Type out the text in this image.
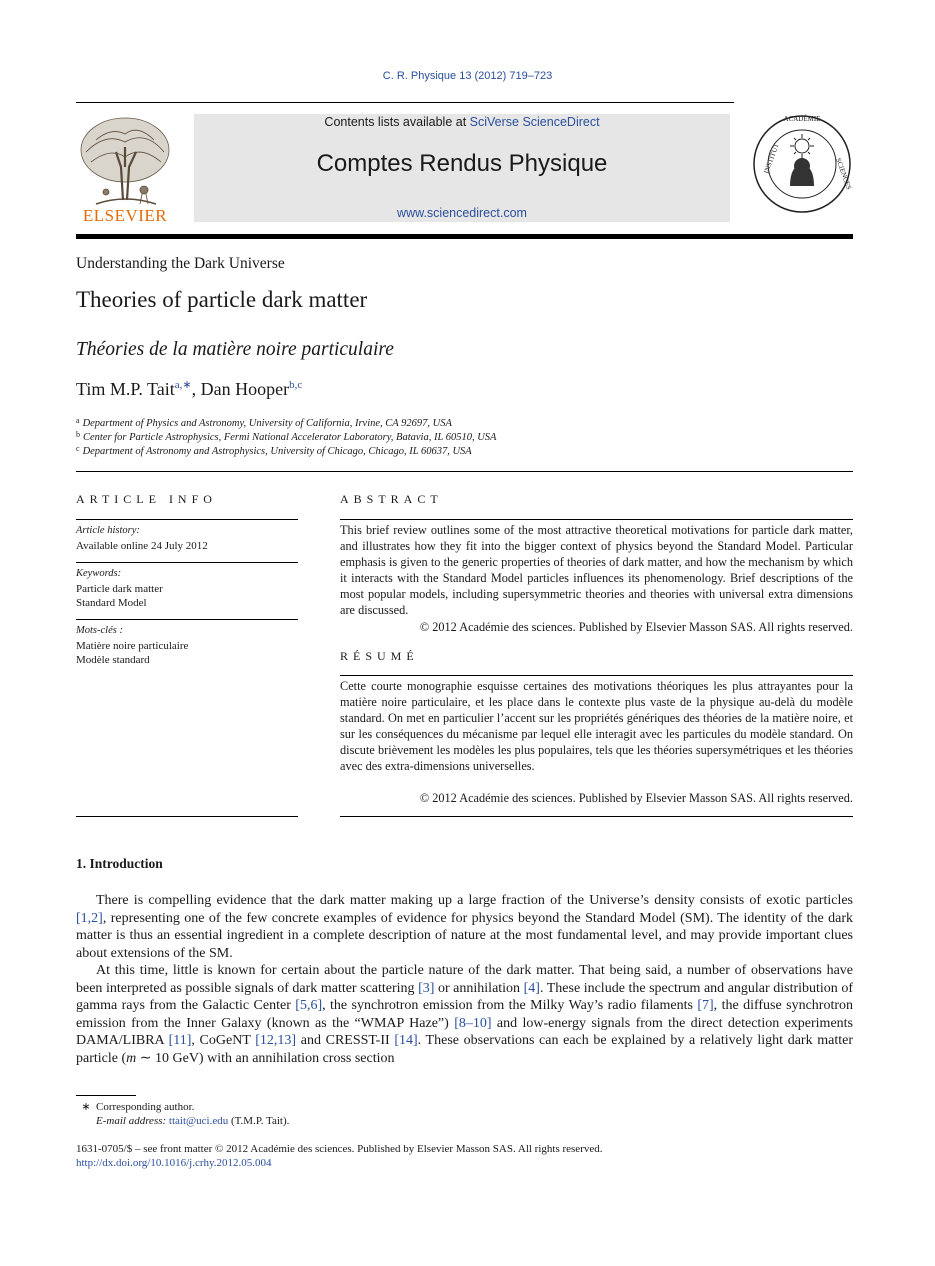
C. R. Physique 13 (2012) 719–723
ELSEVIER
Contents lists available at SciVerse ScienceDirect
Comptes Rendus Physique
www.sciencedirect.com
ACADÉMIE
INSTITUT	SCIENCES
Understanding the Dark Universe
Theories of particle dark matter
Théories de la matière noire particulaire
Tim M.P. Tait$^{a,∗}$, Dan Hooper$^{b,c}$
$^a$ Department of Physics and Astronomy, University of California, Irvine, CA 92697, USA
$^b$ Center for Particle Astrophysics, Fermi National Accelerator Laboratory, Batavia, IL 60510, USA
$^c$ Department of Astronomy and Astrophysics, University of Chicago, Chicago, IL 60637, USA
ARTICLE INFO
Article history:
Available online 24 July 2012
Keywords:
Particle dark matter
Standard Model
Mots-clés :
Matière noire particulaire
Modèle standard
ABSTRACT
This brief review outlines some of the most attractive theoretical motivations for particle dark matter, and illustrates how they fit into the bigger context of physics beyond the Standard Model. Particular emphasis is given to the generic properties of theories of dark matter, and how the mechanism by which it interacts with the Standard Model particles influences its phenomenology. Brief descriptions of the most popular models, including supersymmetric theories and theories with universal extra dimensions are discussed.
© 2012 Académie des sciences. Published by Elsevier Masson SAS. All rights reserved.
RÉSUMÉ
Cette courte monographie esquisse certaines des motivations théoriques les plus attrayantes pour la matière noire particulaire, et les place dans le contexte plus vaste de la physique au-delà du modèle standard. On met en particulier l’accent sur les propriétés génériques des théories de la matière noire, et sur les conséquences du mécanisme par lequel elle interagit avec les particules du modèle standard. On discute brièvement les modèles les plus populaires, tels que les théories supersymétriques et les théories avec des extra-dimensions universelles.
© 2012 Académie des sciences. Published by Elsevier Masson SAS. All rights reserved.
1. Introduction
There is compelling evidence that the dark matter making up a large fraction of the Universe’s density consists of exotic particles [1,2], representing one of the few concrete examples of evidence for physics beyond the Standard Model (SM). The identity of the dark matter is thus an essential ingredient in a complete description of nature at the most fundamental level, and may provide important clues about extensions of the SM.
At this time, little is known for certain about the particle nature of the dark matter. That being said, a number of observations have been interpreted as possible signals of dark matter scattering [3] or annihilation [4]. These include the spectrum and angular distribution of gamma rays from the Galactic Center [5,6], the synchrotron emission from the Milky Way’s radio filaments [7], the diffuse synchrotron emission from the Inner Galaxy (known as the “WMAP Haze”) [8–10] and low-energy signals from the direct detection experiments DAMA/LIBRA [11], CoGeNT [12,13] and CRESST-II [14]. These observations can each be explained by a relatively light dark matter particle (m ∼ 10 GeV) with an annihilation cross section
∗ Corresponding author.
E-mail address: ttait@uci.edu (T.M.P. Tait).
1631-0705/$ – see front matter © 2012 Académie des sciences. Published by Elsevier Masson SAS. All rights reserved.
http://dx.doi.org/10.1016/j.crhy.2012.05.004
